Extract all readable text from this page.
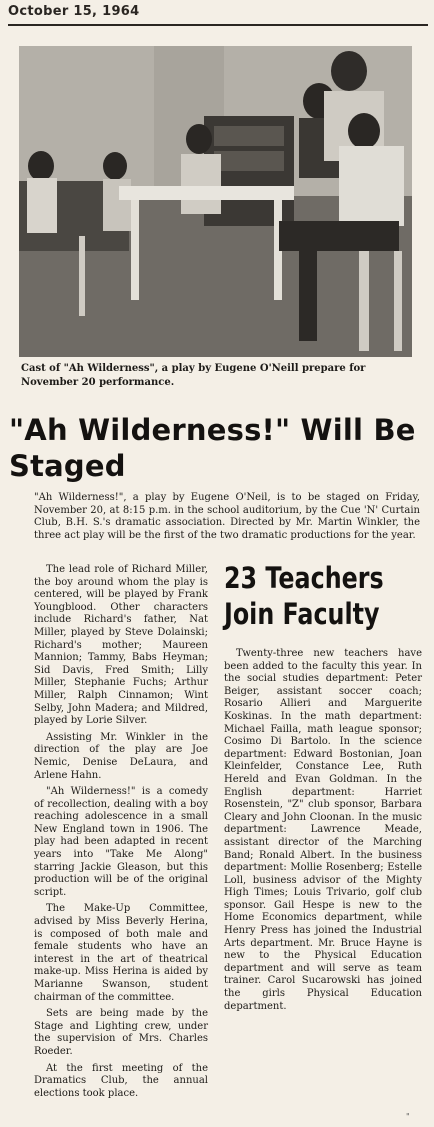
October 15, 1964
Cast of "Ah Wilderness", a play by Eugene O'Neill prepare for November 20 performance.
"Ah Wilderness!" Will Be Staged

"Ah Wilderness!", a play by Eugene O'Neil, is to be staged on Friday, November 20, at 8:15 p.m. in the school auditorium, by the Cue 'N' Curtain Club, B.H. S.'s dramatic association. Directed by Mr. Martin Winkler, the three act play will be the first of the two dramatic productions for the year.

The lead role of Richard Miller, the boy around whom the play is centered, will be played by Frank Youngblood. Other characters include Richard's father, Nat Miller, played by Steve Dolainski; Richard's mother; Maureen Mannion; Tammy, Babs Heyman; Sid Davis, Fred Smith; Lilly Miller, Stephanie Fuchs; Arthur Miller, Ralph Cinnamon; Wint Selby, John Madera; and Mildred, played by Lorie Silver.

Assisting Mr. Winkler in the direction of the play are Joe Nemic, Denise DeLaura, and Arlene Hahn.

"Ah Wilderness!" is a comedy of recollection, dealing with a boy reaching adolescence in a small New England town in 1906. The play had been adapted in recent years into "Take Me Along" starring Jackie Gleason, but this production will be of the original script.

The Make-Up Committee, advised by Miss Beverly Herina, is composed of both male and female students who have an interest in the art of theatrical make-up. Miss Herina is aided by Marianne Swanson, student chairman of the committee.

Sets are being made by the Stage and Lighting crew, under the supervision of Mrs. Charles Roeder.

At the first meeting of the Dramatics Club, the annual elections took place.

23 Teachers Join Faculty

Twenty-three new teachers have been added to the faculty this year. In the social studies department: Peter Beiger, assistant soccer coach; Rosario Allieri and Marguerite Koskinas. In the math department: Michael Failla, math league sponsor; Cosimo Di Bartolo. In the science department: Edward Bostonian, Joan Kleinfelder, Constance Lee, Ruth Hereld and Evan Goldman. In the English department: Harriet Rosenstein, "Z" club sponsor, Barbara Cleary and John Cloonan. In the music department: Lawrence Meade, assistant director of the Marching Band; Ronald Albert. In the business department: Mollie Rosenberg; Estelle Loll, business advisor of the Mighty High Times; Louis Trivario, golf club sponsor. Gail Hespe is new to the Home Economics department, while Henry Press has joined the Industrial Arts department. Mr. Bruce Hayne is new to the Physical Education department and will serve as team trainer. Carol Sucarowski has joined the girls Physical Education department.

"
